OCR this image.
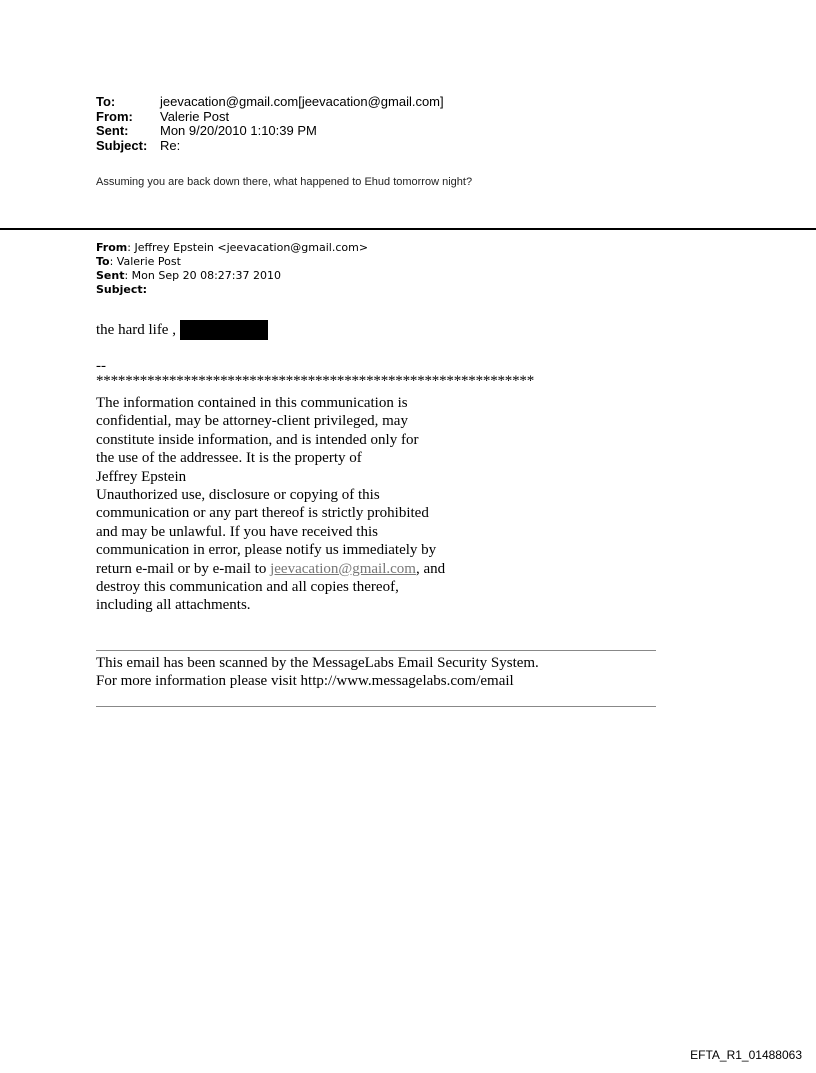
To:	jeevacation@gmail.com[jeevacation@gmail.com]
From:	Valerie Post
Sent:	Mon 9/20/2010 1:10:39 PM
Subject: Re:
Assuming you are back down there, what happened to Ehud tomorrow night?
From: Jeffrey Epstein <jeevacation@gmail.com>
To: Valerie Post
Sent: Mon Sep 20 08:27:37 2010
Subject:
the hard life ,
--
************************************************************
The information contained in this communication is
confidential, may be attorney-client privileged, may
constitute inside information, and is intended only for
the use of the addressee. It is the property of
Jeffrey Epstein
Unauthorized use, disclosure or copying of this
communication or any part thereof is strictly prohibited
and may be unlawful. If you have received this
communication in error, please notify us immediately by
return e-mail or by e-mail to jeevacation@gmail.com, and
destroy this communication and all copies thereof,
including all attachments.
This email has been scanned by the MessageLabs Email Security System.
For more information please visit http://www.messagelabs.com/email
EFTA_R1_01488063
